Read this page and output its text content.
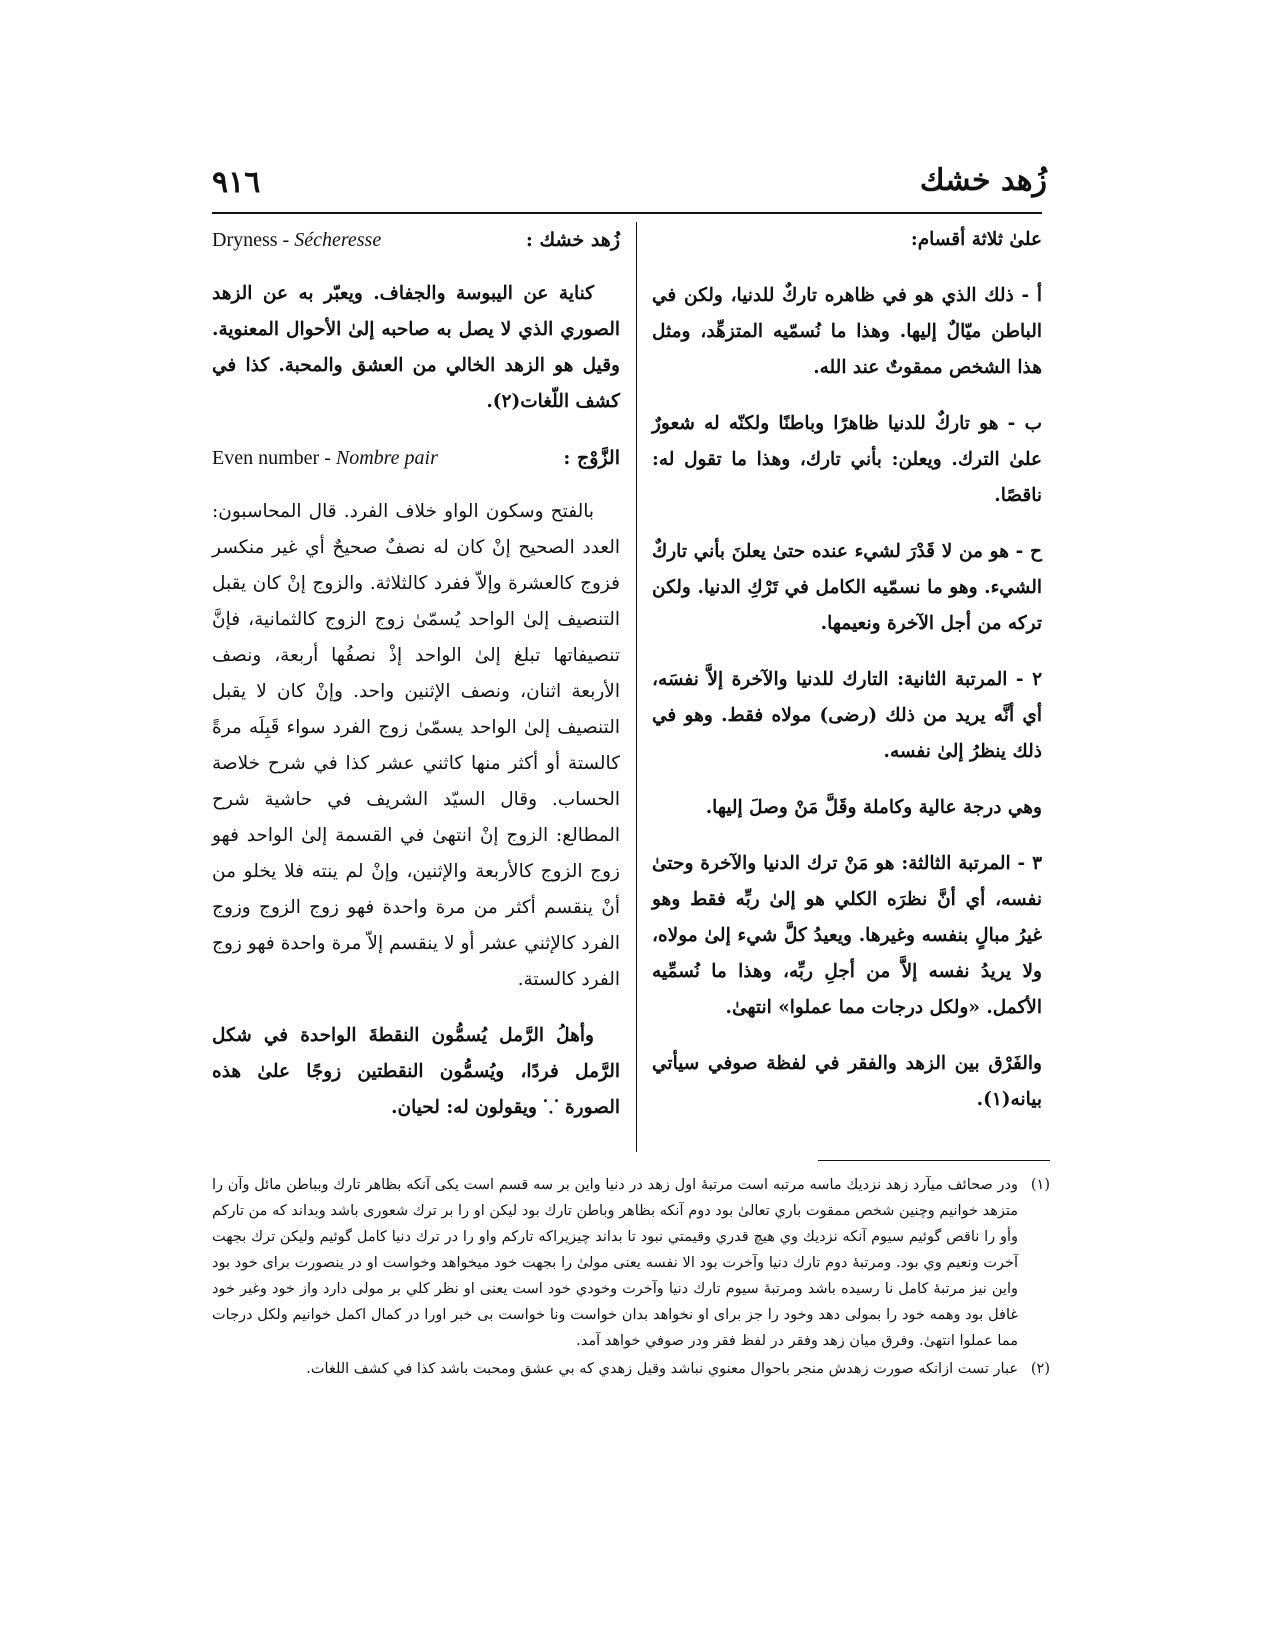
زُهد خشك
٩١٦

علىٰ ثلاثة أقسام:

أ - ذلك الذي هو في ظاهره تاركٌ للدنيا، ولكن في الباطن ميّالٌ إليها. وهذا ما نُسمّيه المتزهِّد، ومثل هذا الشخص ممقوتٌ عند الله.

ب - هو تاركٌ للدنيا ظاهرًا وباطنًا ولكنّه له شعورٌ علىٰ الترك. ويعلن: بأني تارك، وهذا ما تقول له: ناقصًا.

ح - هو من لا قَدْرَ لشيء عنده حتىٰ يعلنَ بأني تاركٌ الشيء. وهو ما نسمّيه الكامل في تَرْكِ الدنيا. ولكن تركه من أجل الآخرة ونعيمها.

٢ - المرتبة الثانية: التارك للدنيا والآخرة إلاَّ نفسَه، أي أنَّه يريد من ذلك (رضى) مولاه فقط. وهو في ذلك ينظرُ إلىٰ نفسه.

وهي درجة عالية وكاملة وقَلَّ مَنْ وصلَ إليها.

٣ - المرتبة الثالثة: هو مَنْ ترك الدنيا والآخرة وحتىٰ نفسه، أي أنَّ نظرَه الكلي هو إلىٰ ربِّه فقط وهو غيرُ مبالٍ بنفسه وغيرها. ويعيدُ كلَّ شيء إلىٰ مولاه، ولا يريدُ نفسه إلاَّ من أجلِ ربِّه، وهذا ما نُسمِّيه الأكمل. «ولكل درجات مما عملوا» انتهىٰ.

والفَرْق بين الزهد والفقر في لفظة صوفي سيأتي بيانه(١).

زُهد خشك :
Dryness - Sécheresse

كناية عن اليبوسة والجفاف. ويعبّر به عن الزهد الصوري الذي لا يصل به صاحبه إلىٰ الأحوال المعنوية. وقيل هو الزهد الخالي من العشق والمحبة. كذا في كشف اللّغات(٢).

الزَّوْج :
Even number - Nombre pair

بالفتح وسكون الواو خلاف الفرد. قال المحاسبون: العدد الصحيح إنْ كان له نصفٌ صحيحٌ أي غير منكسر فزوج كالعشرة وإلاّ ففرد كالثلاثة. والزوج إنْ كان يقبل التنصيف إلىٰ الواحد يُسمّىٰ زوج الزوج كالثمانية، فإنَّ تنصيفاتها تبلغ إلىٰ الواحد إذْ نصفُها أربعة، ونصف الأربعة اثنان، ونصف الإثنين واحد. وإنْ كان لا يقبل التنصيف إلىٰ الواحد يسمّىٰ زوج الفرد سواء قَبِلَه مرةً كالستة أو أكثر منها كاثني عشر كذا في شرح خلاصة الحساب. وقال السيّد الشريف في حاشية شرح المطالع: الزوج إنْ انتهىٰ في القسمة إلىٰ الواحد فهو زوج الزوج كالأربعة والإثنين، وإنْ لم ينته فلا يخلو من أنْ ينقسم أكثر من مرة واحدة فهو زوج الزوج وزوج الفرد كالإثني عشر أو لا ينقسم إلاّ مرة واحدة فهو زوج الفرد كالستة.

وأهلُ الرَّمل يُسمُّون النقطةَ الواحدة في شكل الرَّمل فردًا، ويُسمُّون النقطتين زوجًا علىٰ هذه الصورة ⸪ ويقولون له: لحيان.

(١)
ودر صحائف ميآرد زهد نزديك ماسه مرتبه است مرتبهٔ اول زهد در دنيا واين بر سه قسم است يكى آنكه بظاهر تارك وبباطن مائل وآن را متزهد خوانيم وچنين شخص ممقوت باري تعالىٰ بود دوم آنكه بظاهر وباطن تارك بود ليكن او را بر ترك شعورى باشد وبداند كه من تاركم وأو را ناقص گوئيم سيوم آنكه نزديك وي هيچ قدري وقيمتي نبود تا بداند چيزيراكه تاركم واو را در ترك دنيا كامل گوئيم وليكن ترك بجهت آخرت ونعيم وي بود. ومرتبهٔ دوم تارك دنيا وآخرت بود الا نفسه يعنى مولىٰ را بجهت خود ميخواهد وخواست او در ينصورت براى خود بود واين نيز مرتبهٔ كامل نا رسيده باشد ومرتبهٔ سيوم تارك دنيا وآخرت وخودي خود است يعنى او نظر كلي بر مولى دارد واز خود وغير خود غافل بود وهمه خود را بمولى دهد وخود را جز براى او نخواهد بدان خواست ونا خواست بى خبر اورا در كمال اكمل خوانيم ولكل درجات مما عملوا انتهىٰ. وفرق ميان زهد وفقر در لفظ فقر ودر صوفي خواهد آمد.
(٢)
عبار تست ازانكه صورت زهدش منجر باحوال معنوي نباشد وقيل زهدي كه بي عشق ومحبت باشد كذا في كشف اللغات.
